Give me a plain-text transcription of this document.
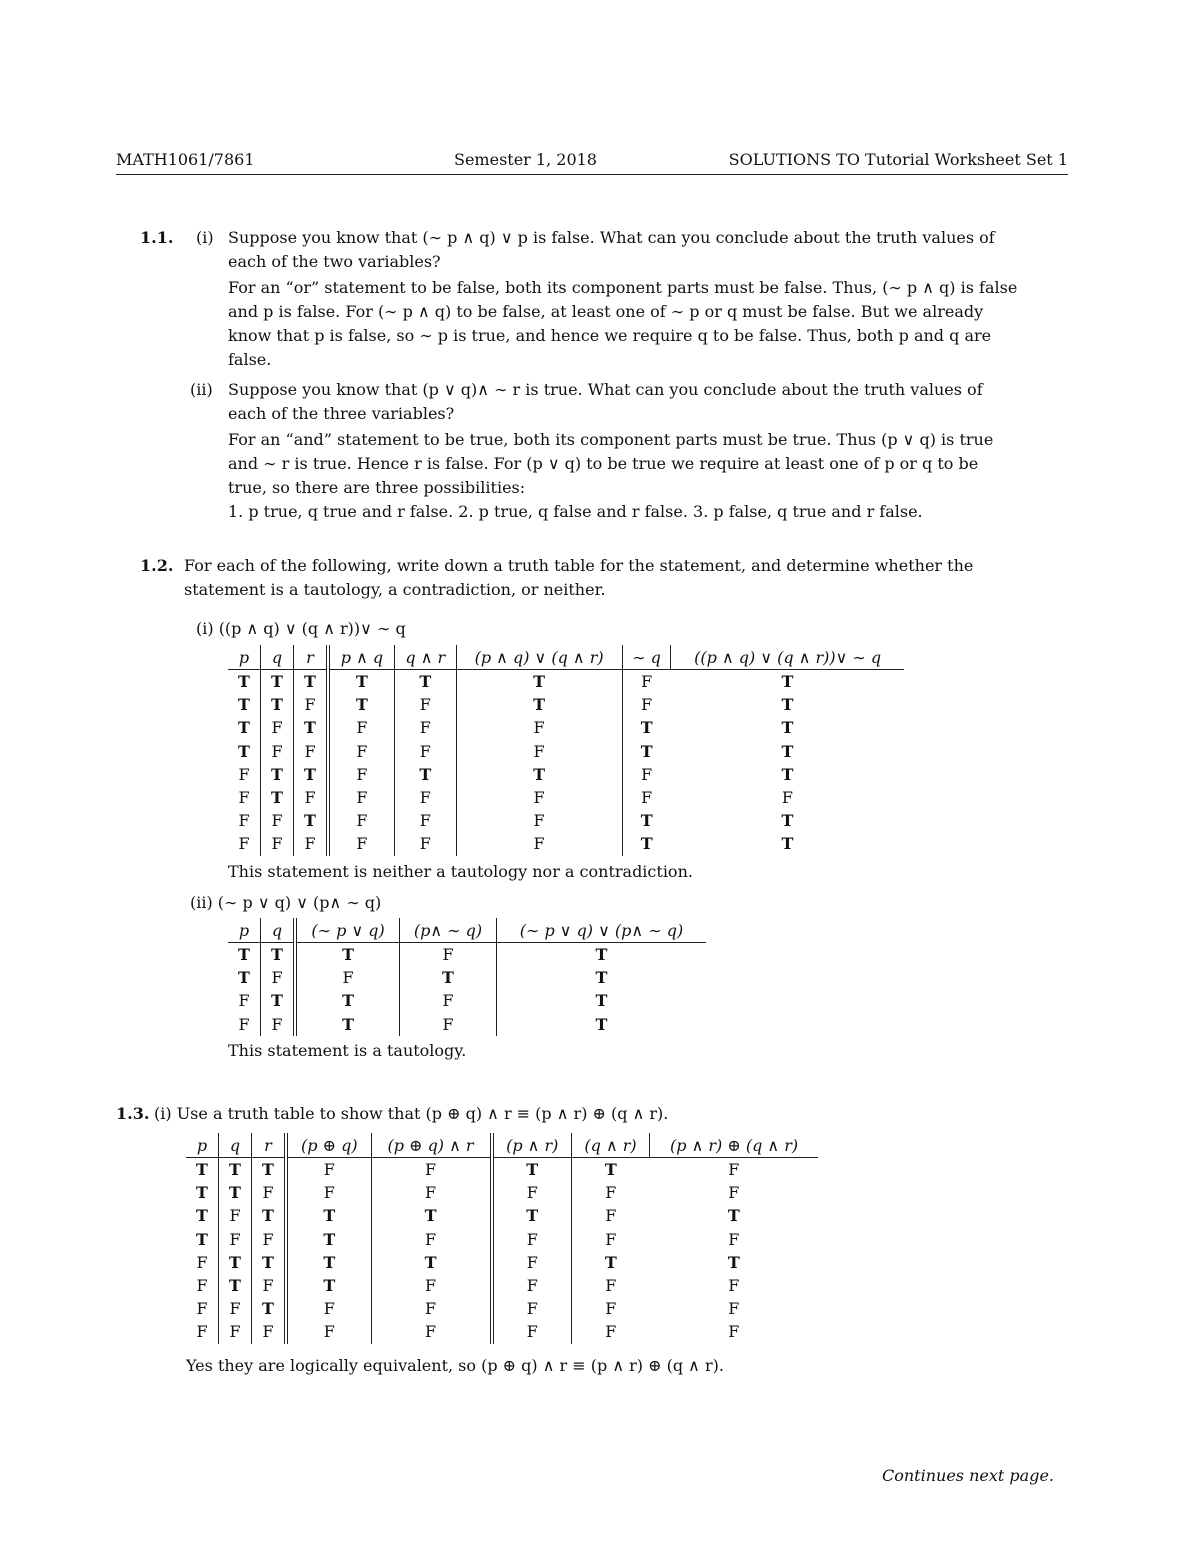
MATH1061/7861	Semester 1, 2018	SOLUTIONS TO Tutorial Worksheet Set 1
1.1. (i) Suppose you know that (∼ p ∧ q) ∨ p is false. What can you conclude about the truth values of
each of the two variables?
For an “or” statement to be false, both its component parts must be false. Thus, (∼ p ∧ q) is false
and p is false. For (∼ p ∧ q) to be false, at least one of ∼ p or q must be false. But we already
know that p is false, so ∼ p is true, and hence we require q to be false. Thus, both p and q are
false.
(ii) Suppose you know that (p ∨ q)∧ ∼ r is true. What can you conclude about the truth values of
each of the three variables?
For an “and” statement to be true, both its component parts must be true. Thus (p ∨ q) is true
and ∼ r is true. Hence r is false. For (p ∨ q) to be true we require at least one of p or q to be
true, so there are three possibilities:
1. p true, q true and r false. 2. p true, q false and r false. 3. p false, q true and r false.
1.2. For each of the following, write down a truth table for the statement, and determine whether the
statement is a tautology, a contradiction, or neither.
(i) ((p ∧ q) ∨ (q ∧ r))∨ ∼ q
p	q	r	p ∧ q	q ∧ r	(p ∧ q) ∨ (q ∧ r)	∼ q	((p ∧ q) ∨ (q ∧ r))∨ ∼ q
T	T	T	T	T	T	F	T
T	T	F	T	F	T	F	T
T	F	T	F	F	F	T	T
T	F	F	F	F	F	T	T
F	T	T	F	T	T	F	T
F	T	F	F	F	F	F	F
F	F	T	F	F	F	T	T
F	F	F	F	F	F	T	T
This statement is neither a tautology nor a contradiction.
(ii) (∼ p ∨ q) ∨ (p∧ ∼ q)
p	q	(∼ p ∨ q)	(p∧ ∼ q)	(∼ p ∨ q) ∨ (p∧ ∼ q)
T	T	T	F	T
T	F	F	T	T
F	T	T	F	T
F	F	T	F	T
This statement is a tautology.
1.3. (i) Use a truth table to show that (p ⊕ q) ∧ r ≡ (p ∧ r) ⊕ (q ∧ r).
p	q	r	(p ⊕ q)	(p ⊕ q) ∧ r	(p ∧ r)	(q ∧ r)	(p ∧ r) ⊕ (q ∧ r)
T	T	T	F	F	T	T	F
T	T	F	F	F	F	F	F
T	F	T	T	T	T	F	T
T	F	F	T	F	F	F	F
F	T	T	T	T	F	T	T
F	T	F	T	F	F	F	F
F	F	T	F	F	F	F	F
F	F	F	F	F	F	F	F
Yes they are logically equivalent, so (p ⊕ q) ∧ r ≡ (p ∧ r) ⊕ (q ∧ r).
Continues next page.
